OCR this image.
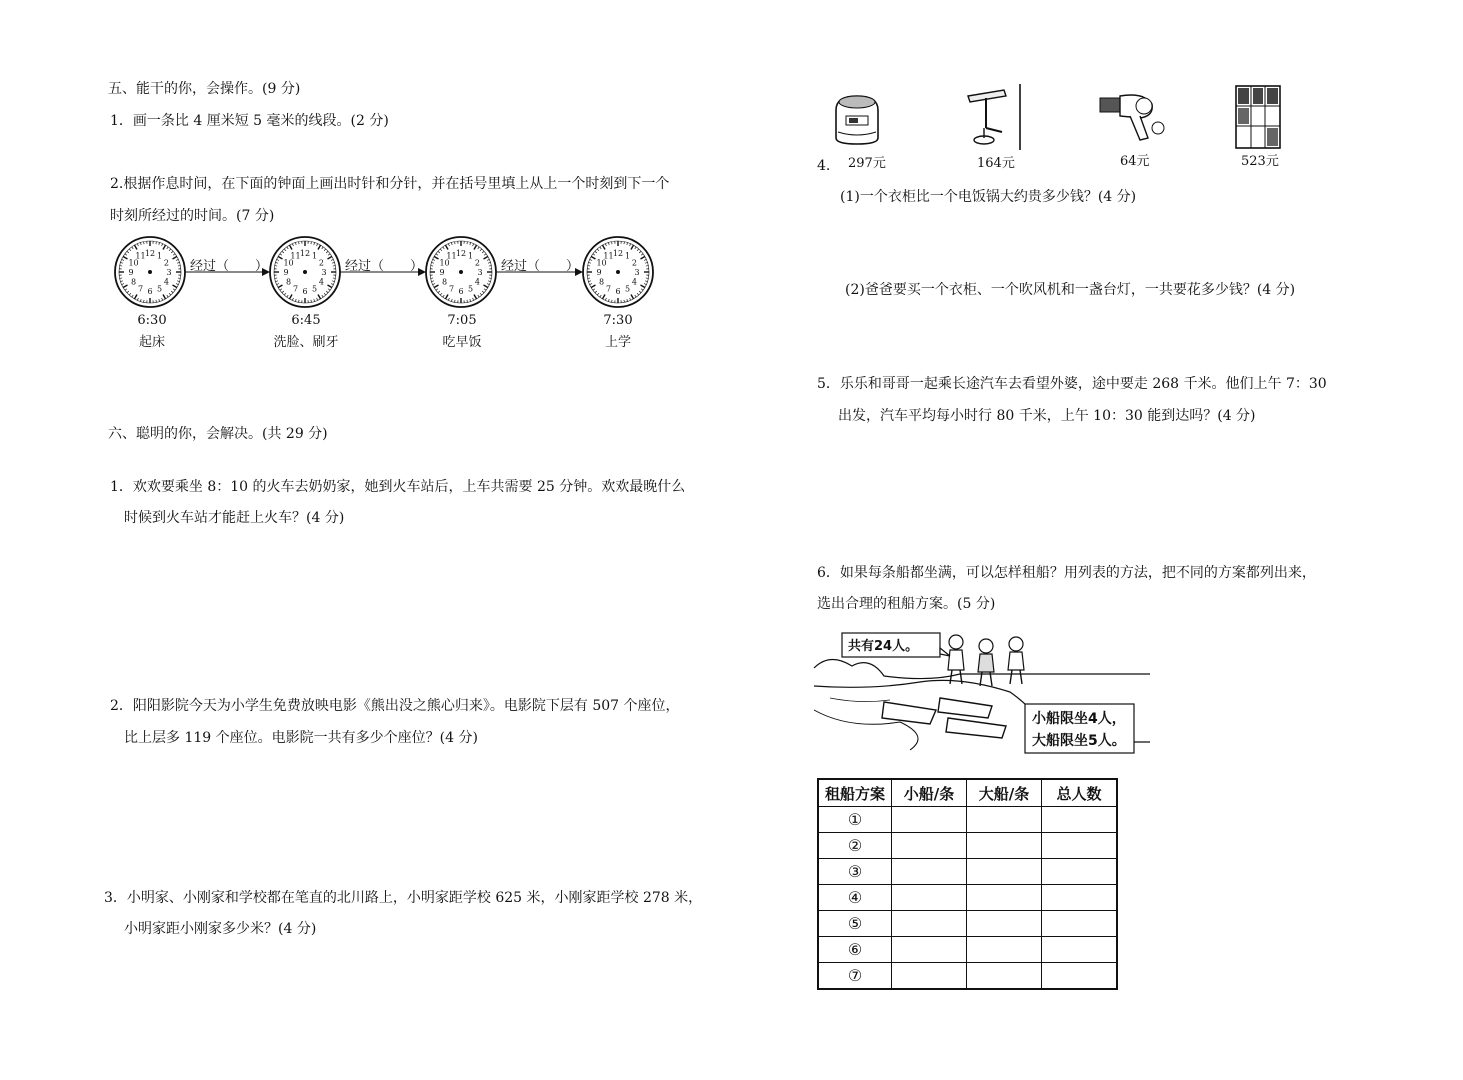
五、能干的你，会操作。(9 分)
1．画一条比 4 厘米短 5 毫米的线段。(2 分)
2.根据作息时间，在下面的钟面上画出时针和分针，并在括号里填上从上一个时刻到下一个
时刻所经过的时间。(7 分)
1
2
3
4
5
6
7
8
9
10
11 12	1
2
3
4
5
6
7
8
9
10
11 12	1
2
3
4
5
6
7
8
9
10
11 12	1
2
3
4
5
6
7
8
9
10
11 12
6:30
起床
6:45
洗脸、刷牙
7:05
吃早饭
7:30
上学
经过（　　）	经过（　　）	经过（　　）
六、聪明的你，会解决。(共 29 分)
1．欢欢要乘坐 8：10 的火车去奶奶家，她到火车站后，上车共需要 25 分钟。欢欢最晚什么
时候到火车站才能赶上火车？(4 分)
2．阳阳影院今天为小学生免费放映电影《熊出没之熊心归来》。电影院下层有 507 个座位，
比上层多 119 个座位。电影院一共有多少个座位？(4 分)
3．小明家、小刚家和学校都在笔直的北川路上，小明家距学校 625 米，小刚家距学校 278 米，
小明家距小刚家多少米？(4 分)
4. 297元	164元	64元	523元
(1)一个衣柜比一个电饭锅大约贵多少钱？(4 分)
(2)爸爸要买一个衣柜、一个吹风机和一盏台灯，一共要花多少钱？(4 分)
5．乐乐和哥哥一起乘长途汽车去看望外婆，途中要走 268 千米。他们上午 7：30
出发，汽车平均每小时行 80 千米，上午 10：30 能到达吗？(4 分)
6．如果每条船都坐满，可以怎样租船？用列表的方法，把不同的方案都列出来，
选出合理的租船方案。(5 分)
共有24人。
小船限坐4人，
大船限坐5人。
租船方案	小船/条	大船/条	总人数
①			
②			
③			
④			
⑤			
⑥			
⑦			
